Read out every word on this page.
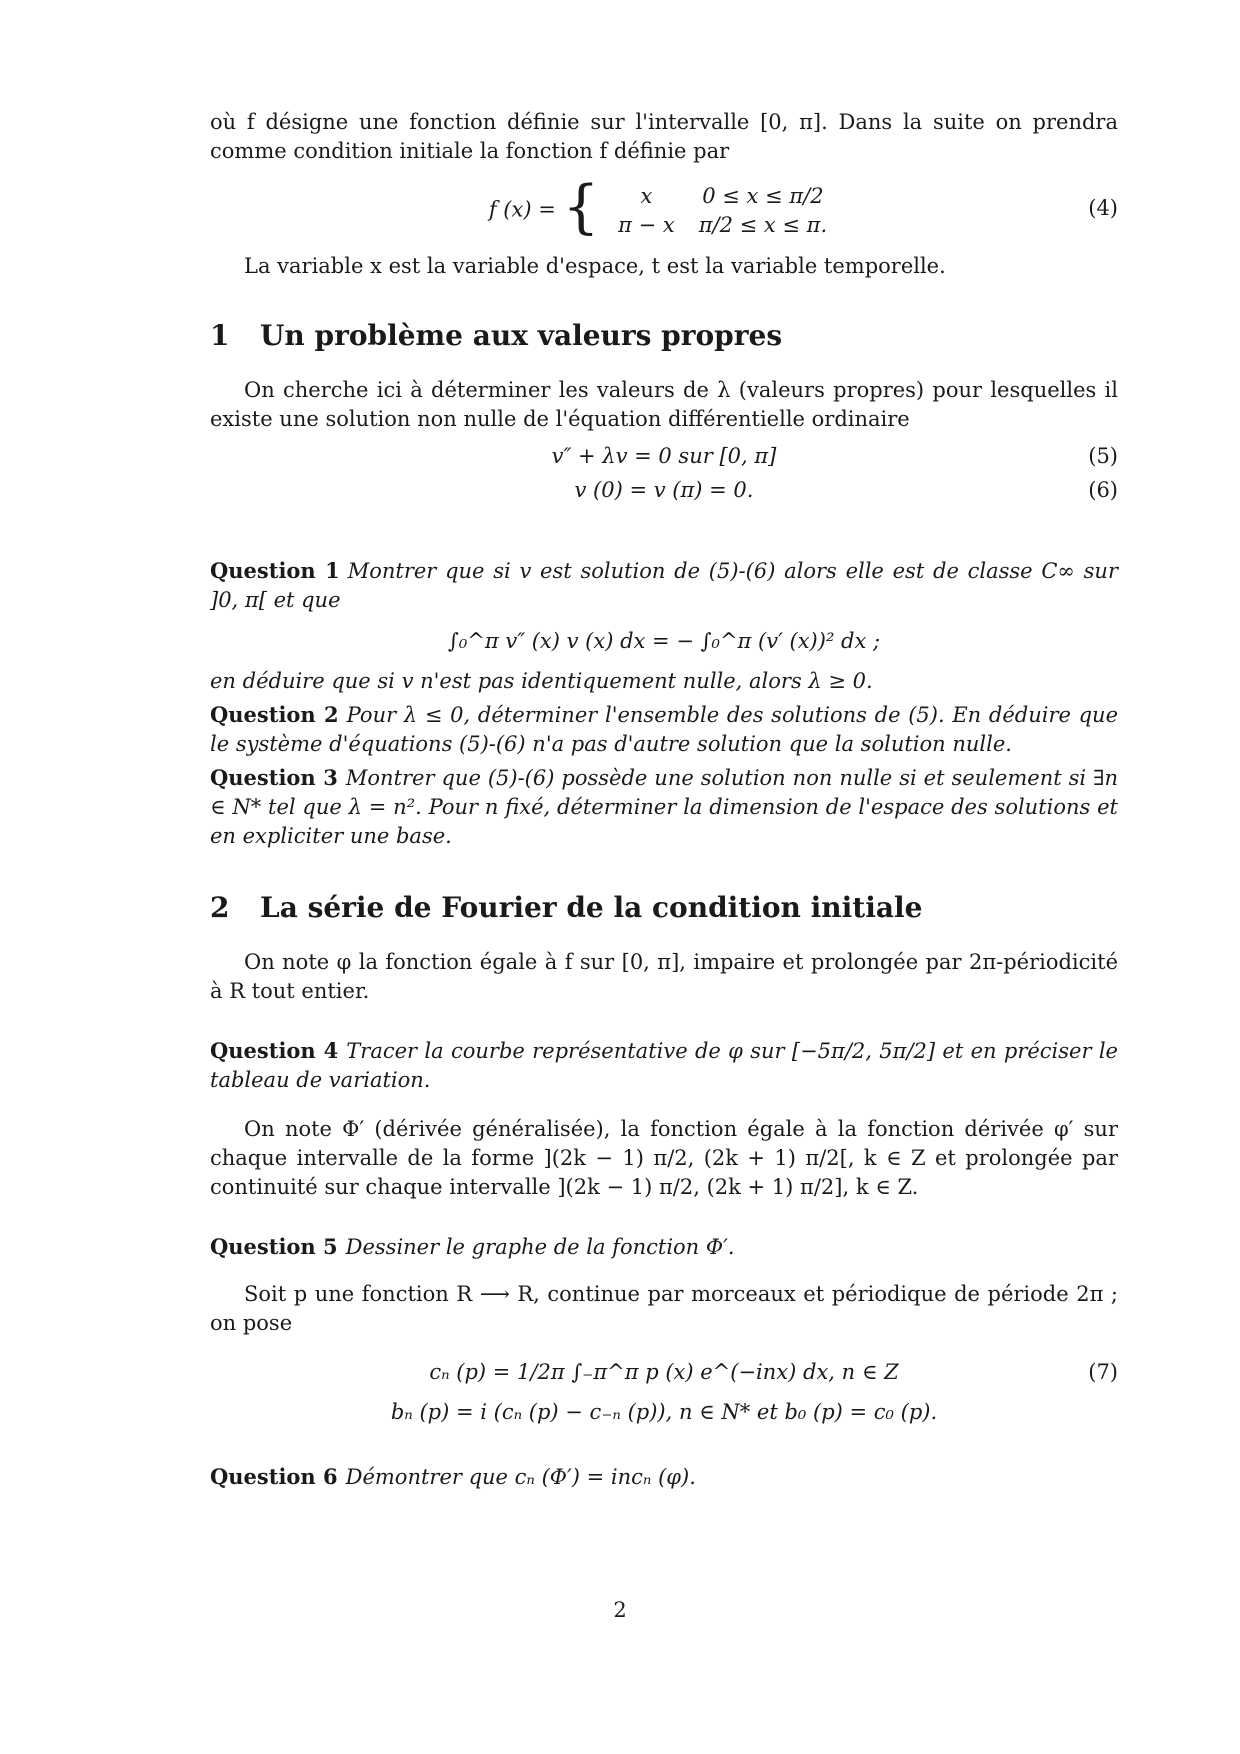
où f désigne une fonction définie sur l'intervalle [0, π]. Dans la suite on prendra comme condition initiale la fonction f définie par

f (x) = { x	0 ≤ x ≤ π/2
π − x	π/2 ≤ x ≤ π.
(4)

La variable x est la variable d'espace, t est la variable temporelle.

1 Un problème aux valeurs propres

On cherche ici à déterminer les valeurs de λ (valeurs propres) pour lesquelles il existe une solution non nulle de l'équation différentielle ordinaire

v″ + λv = 0 sur [0, π]	(5)
v (0) = v (π) = 0.	(6)

Question 1 Montrer que si v est solution de (5)-(6) alors elle est de classe C∞ sur ]0, π[ et que

∫₀^π v″ (x) v (x) dx = − ∫₀^π (v′ (x))² dx ;

en déduire que si v n'est pas identiquement nulle, alors λ ≥ 0.

Question 2 Pour λ ≤ 0, déterminer l'ensemble des solutions de (5). En déduire que le système d'équations (5)-(6) n'a pas d'autre solution que la solution nulle.

Question 3 Montrer que (5)-(6) possède une solution non nulle si et seulement si ∃n ∈ N* tel que λ = n². Pour n fixé, déterminer la dimension de l'espace des solutions et en expliciter une base.

2 La série de Fourier de la condition initiale

On note φ la fonction égale à f sur [0, π], impaire et prolongée par 2π-périodicité à R tout entier.

Question 4 Tracer la courbe représentative de φ sur [−5π/2, 5π/2] et en préciser le tableau de variation.

On note Φ′ (dérivée généralisée), la fonction égale à la fonction dérivée φ′ sur chaque intervalle de la forme ](2k − 1) π/2, (2k + 1) π/2[, k ∈ Z et prolongée par continuité sur chaque intervalle ](2k − 1) π/2, (2k + 1) π/2], k ∈ Z.

Question 5 Dessiner le graphe de la fonction Φ′.

Soit p une fonction R ⟶ R, continue par morceaux et périodique de période 2π ; on pose

cₙ (p) = 1/2π ∫₋π^π p (x) e^(−inx) dx, n ∈ Z	(7)
bₙ (p) = i (cₙ (p) − c₋ₙ (p)), n ∈ N* et b₀ (p) = c₀ (p).

Question 6 Démontrer que cₙ (Φ′) = incₙ (φ).

2
